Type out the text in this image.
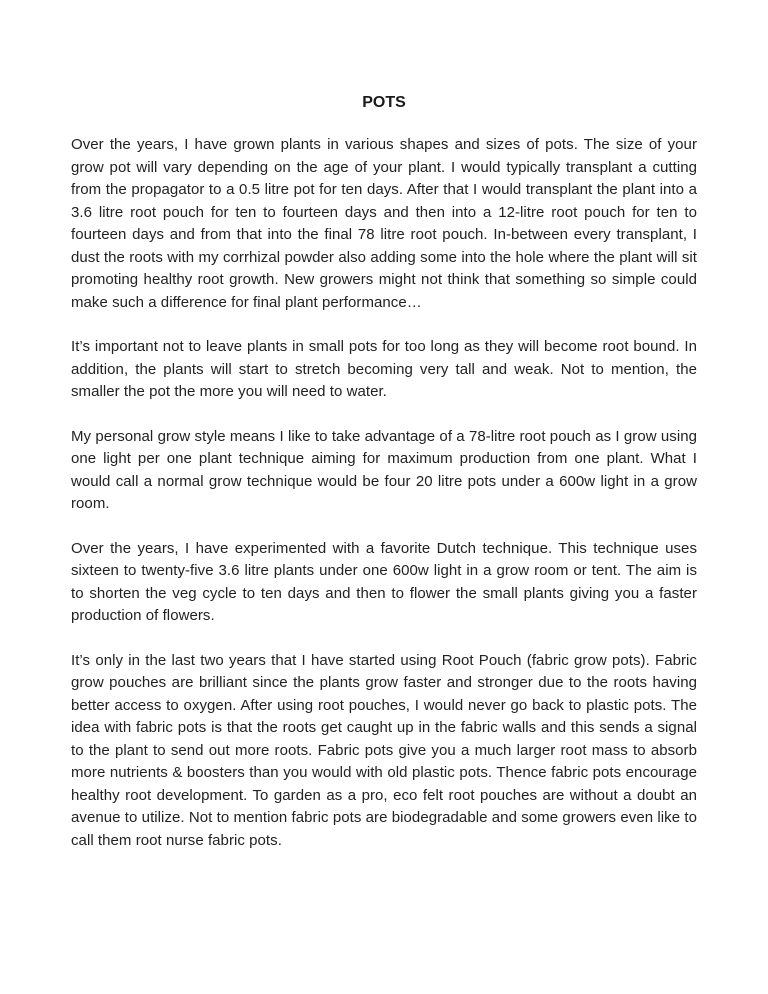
POTS

Over the years, I have grown plants in various shapes and sizes of pots. The size of your grow pot will vary depending on the age of your plant. I would typically transplant a cutting from the propagator to a 0.5 litre pot for ten days. After that I would transplant the plant into a 3.6 litre root pouch for ten to fourteen days and then into a 12-litre root pouch for ten to fourteen days and from that into the final 78 litre root pouch. In-between every transplant, I dust the roots with my corrhizal powder also adding some into the hole where the plant will sit promoting healthy root growth. New growers might not think that something so simple could make such a difference for final plant performance…

It’s important not to leave plants in small pots for too long as they will become root bound. In addition, the plants will start to stretch becoming very tall and weak. Not to mention, the smaller the pot the more you will need to water.

My personal grow style means I like to take advantage of a 78-litre root pouch as I grow using one light per one plant technique aiming for maximum production from one plant. What I would call a normal grow technique would be four 20 litre pots under a 600w light in a grow room.

Over the years, I have experimented with a favorite Dutch technique. This technique uses sixteen to twenty-five 3.6 litre plants under one 600w light in a grow room or tent. The aim is to shorten the veg cycle to ten days and then to flower the small plants giving you a faster production of flowers.

It’s only in the last two years that I have started using Root Pouch (fabric grow pots). Fabric grow pouches are brilliant since the plants grow faster and stronger due to the roots having better access to oxygen. After using root pouches, I would never go back to plastic pots. The idea with fabric pots is that the roots get caught up in the fabric walls and this sends a signal to the plant to send out more roots. Fabric pots give you a much larger root mass to absorb more nutrients & boosters than you would with old plastic pots. Thence fabric pots encourage healthy root development. To garden as a pro, eco felt root pouches are without a doubt an avenue to utilize. Not to mention fabric pots are biodegradable and some growers even like to call them root nurse fabric pots.
